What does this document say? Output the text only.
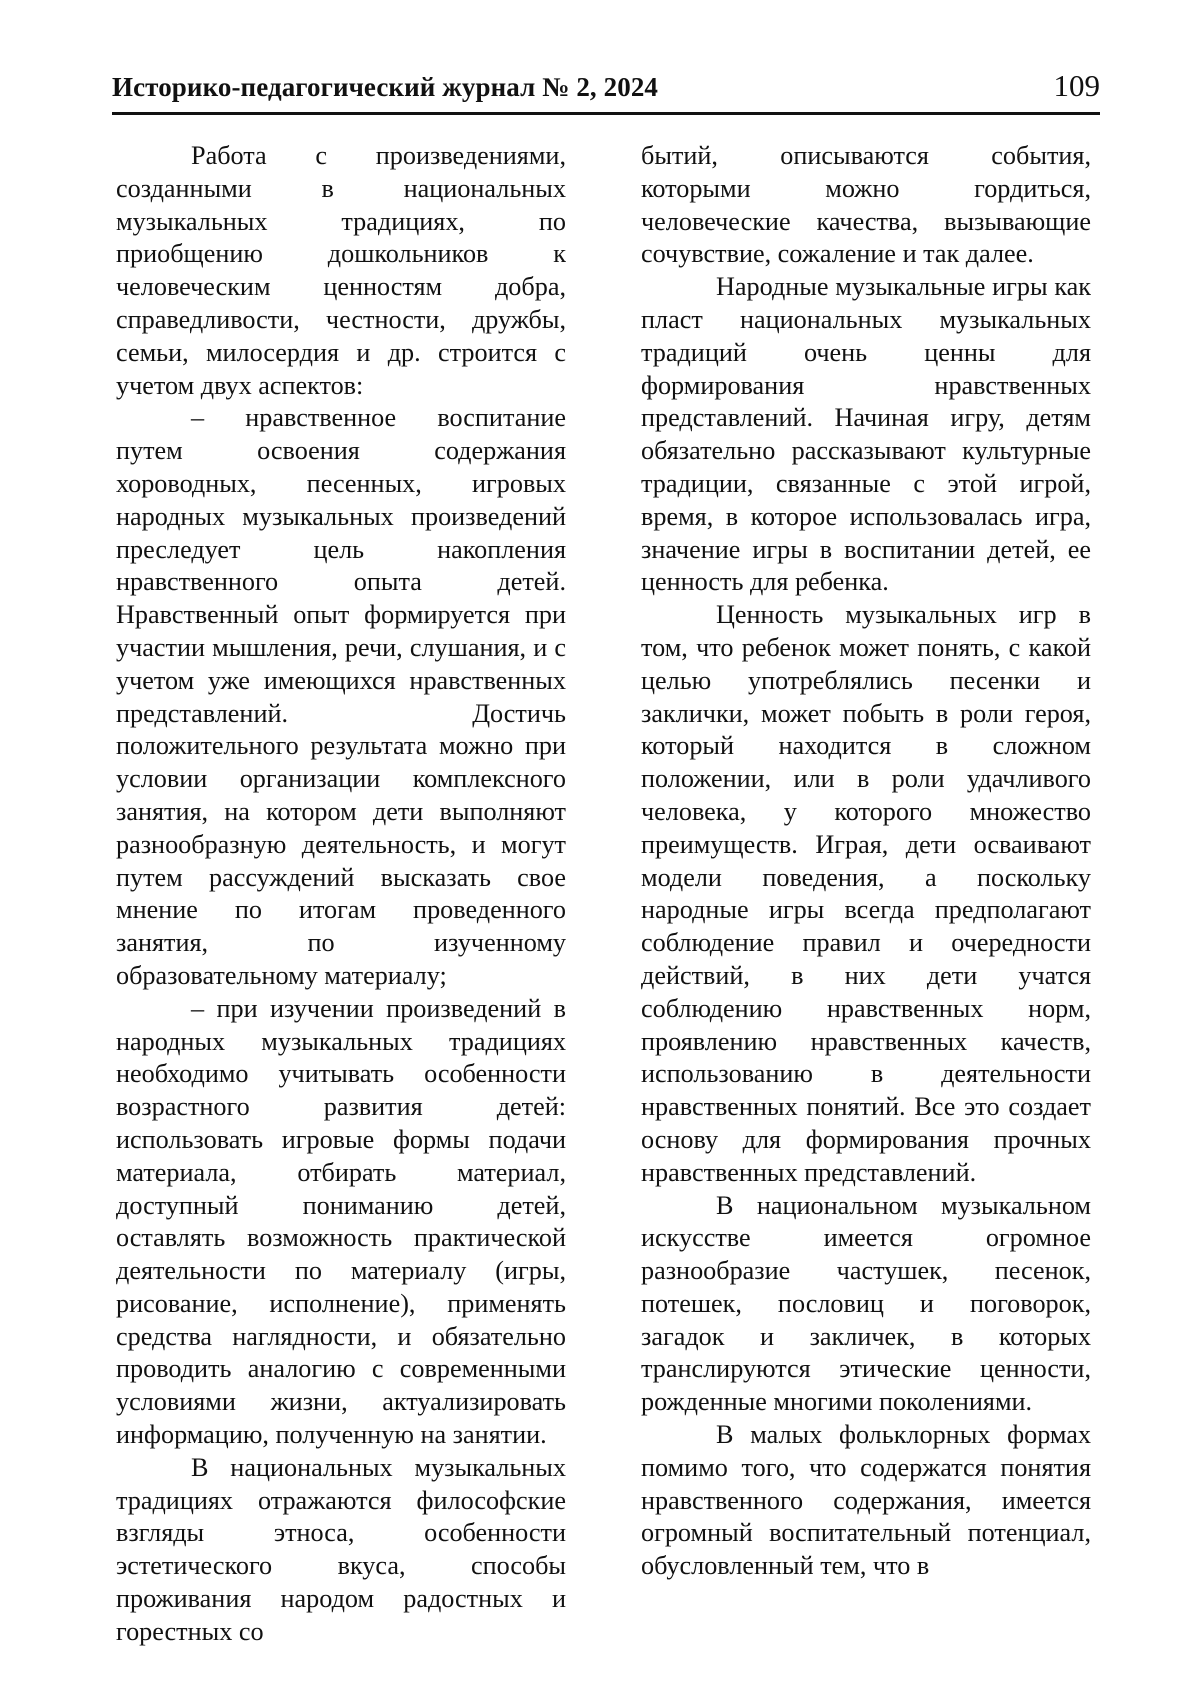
Историко-педагогический журнал № 2, 2024	109

Работа с произведениями, созданными в национальных музыкальных традициях, по приобщению дошкольников к человеческим ценностям добра, справедливости, честности, дружбы, семьи, милосердия и др. строится с учетом двух аспектов:

– нравственное воспитание путем освоения содержания хороводных, песенных, игровых народных музыкальных произведений преследует цель накопления нравственного опыта детей. Нравственный опыт формируется при участии мышления, речи, слушания, и с учетом уже имеющихся нравственных представлений. Достичь положительного результата можно при условии организации комплексного занятия, на котором дети выполняют разнообразную деятельность, и могут путем рассуждений высказать свое мнение по итогам проведенного занятия, по изученному образовательному материалу;

– при изучении произведений в народных музыкальных традициях необходимо учитывать особенности возрастного развития детей: использовать игровые формы подачи материала, отбирать материал, доступный пониманию детей, оставлять возможность практической деятельности по материалу (игры, рисование, исполнение), применять средства наглядности, и обязательно проводить аналогию с современными условиями жизни, актуализировать информацию, полученную на занятии.

В национальных музыкальных традициях отражаются философские взгляды этноса, особенности эстетического вкуса, способы проживания народом радостных и горестных со

бытий, описываются события, которыми можно гордиться, человеческие качества, вызывающие сочувствие, сожаление и так далее.

Народные музыкальные игры как пласт национальных музыкальных традиций очень ценны для формирования нравственных представлений. Начиная игру, детям обязательно рассказывают культурные традиции, связанные с этой игрой, время, в которое использовалась игра, значение игры в воспитании детей, ее ценность для ребенка.

Ценность музыкальных игр в том, что ребенок может понять, с какой целью употреблялись песенки и заклички, может побыть в роли героя, который находится в сложном положении, или в роли удачливого человека, у которого множество преимуществ. Играя, дети осваивают модели поведения, а поскольку народные игры всегда предполагают соблюдение правил и очередности действий, в них дети учатся соблюдению нравственных норм, проявлению нравственных качеств, использованию в деятельности нравственных понятий. Все это создает основу для формирования прочных нравственных представлений.

В национальном музыкальном искусстве имеется огромное разнообразие частушек, песенок, потешек, пословиц и поговорок, загадок и закличек, в которых транслируются этические ценности, рожденные многими поколениями.

В малых фольклорных формах помимо того, что содержатся понятия нравственного содержания, имеется огромный воспитательный потенциал, обусловленный тем, что в
